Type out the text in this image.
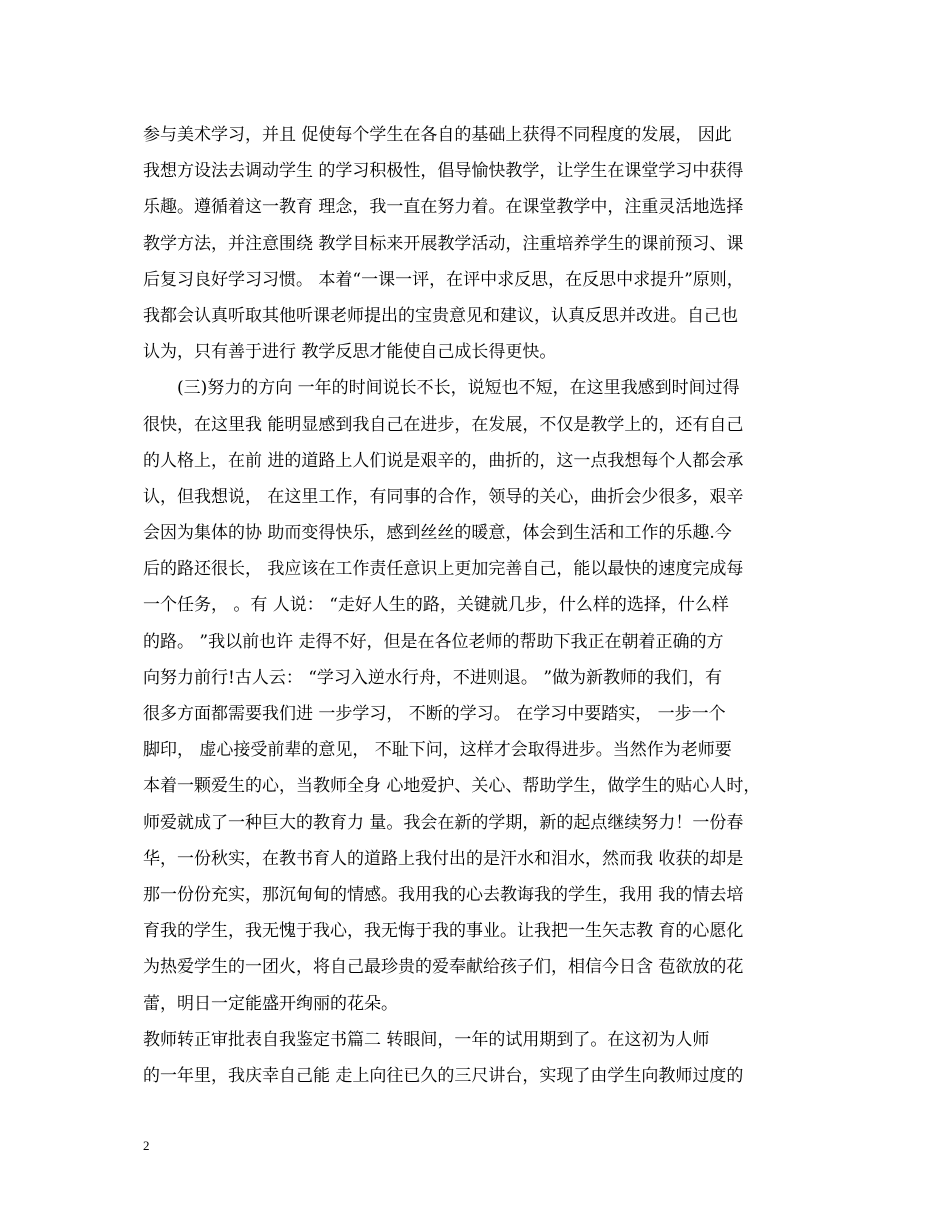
参与美术学习，并且 促使每个学生在各自的基础上获得不同程度的发展， 因此
我想方设法去调动学生 的学习积极性，倡导愉快教学，让学生在课堂学习中获得
乐趣。遵循着这一教育 理念，我一直在努力着。在课堂教学中，注重灵活地选择
教学方法，并注意围绕 教学目标来开展教学活动，注重培养学生的课前预习、课
后复习良好学习习惯。 本着“一课一评，在评中求反思，在反思中求提升”原则，
我都会认真听取其他听课老师提出的宝贵意见和建议，认真反思并改进。自己也
认为，只有善于进行 教学反思才能使自己成长得更快。
(三)努力的方向 一年的时间说长不长，说短也不短，在这里我感到时间过得
很快，在这里我 能明显感到我自己在进步，在发展，不仅是教学上的，还有自己
的人格上，在前 进的道路上人们说是艰辛的，曲折的，这一点我想每个人都会承
认，但我想说， 在这里工作，有同事的合作，领导的关心，曲折会少很多，艰辛
会因为集体的协 助而变得快乐，感到丝丝的暖意，体会到生活和工作的乐趣.今
后的路还很长， 我应该在工作责任意识上更加完善自己，能以最快的速度完成每
一个任务， 。有 人说： “走好人生的路，关键就几步，什么样的选择，什么样
的路。 ”我以前也许 走得不好，但是在各位老师的帮助下我正在朝着正确的方
向努力前行!古人云： “学习入逆水行舟，不进则退。 ”做为新教师的我们，有
很多方面都需要我们进 一步学习， 不断的学习。 在学习中要踏实， 一步一个
脚印， 虚心接受前辈的意见， 不耻下问，这样才会取得进步。当然作为老师要
本着一颗爱生的心，当教师全身 心地爱护、关心、帮助学生，做学生的贴心人时，
师爱就成了一种巨大的教育力 量。我会在新的学期，新的起点继续努力！一份春
华，一份秋实，在教书育人的道路上我付出的是汗水和泪水，然而我 收获的却是
那一份份充实，那沉甸甸的情感。我用我的心去教诲我的学生，我用 我的情去培
育我的学生，我无愧于我心，我无悔于我的事业。让我把一生矢志教 育的心愿化
为热爱学生的一团火，将自己最珍贵的爱奉献给孩子们，相信今日含 苞欲放的花
蕾，明日一定能盛开绚丽的花朵。
教师转正审批表自我鉴定书篇二 转眼间，一年的试用期到了。在这初为人师
的一年里，我庆幸自己能 走上向往已久的三尺讲台，实现了由学生向教师过度的
2
